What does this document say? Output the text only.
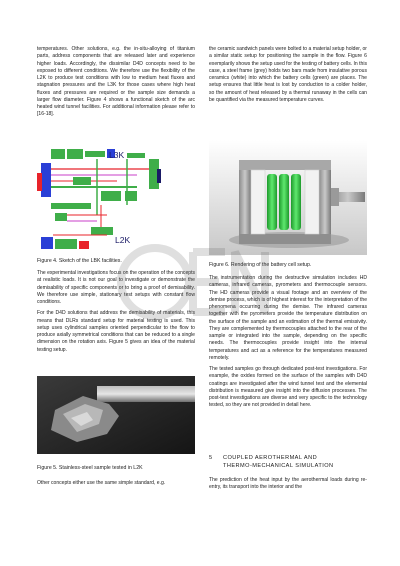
temperatures. Other solutions, e.g. the in-situ-alloying of titanium parts, address components that are released later and experience higher loads. Accordingly, the dissimilar D4D concepts need to be exposed to different conditions. We therefore use the flexibility of the L2K to produce test conditions with low to medium heat fluxes and stagnation pressures and the L3K for those cases where high heat fluxes and pressures are required or the sample size demands a larger flow diameter. Figure 4 shows a functional sketch of the arc heated wind tunnel facilities. For additional information please refer to [16-18].

L3K
L2K
Figure 4. Sketch of the LBK facilities.

The experimental investigations focus on the operation of the concepts at realistic loads. It is not our goal to investigate or demonstrate the demisability of specific components or to bring a proof of demisability. We therefore use simple, stationary test setups with constant flow conditions.

For the D4D solutions that address the demisability of materials, this means that DLRs standard setup for material testing is used. This setup uses cylindrical samples oriented perpendicular to the flow to produce axially symmetrical conditions that can be reduced to a single dimension on the rotation axis. Figure 5 gives an idea of the material testing setup.

Figure 5. Stainless-steel sample tested in L2K

Other concepts either use the same simple standard, e.g.

the ceramic sandwich panels were bolted to a material setup holder, or a similar static setup for positioning the sample in the flow. Figure 6 exemplarily shows the setup used for the testing of battery cells. In this case, a steel frame (grey) holds two bars made from insulative porous ceramics (white) into which the battery cells (green) are places. The setup ensures that little heat is lost by conduction to a colder holder, so the amount of heat released by a thermal runaway in the cells can be quantified via the measured temperature curves.

Figure 6. Rendering of the battery cell setup.

The instrumentation during the destructive simulation includes HD cameras, infrared cameras, pyrometers and thermocouple sensors. The HD cameras provide a visual footage and an overview of the demise process, which is of highest interest for the interpretation of the phenomena occurring during the demise. The infrared cameras together with the pyrometers provide the temperature distribution on the surface of the sample and an estimation of the thermal emissivity. They are complemented by thermocouples attached to the rear of the sample or integrated into the sample, depending on the specific needs. The thermocouples provide insight into the internal temperatures and act as a reference for the temperatures measured remotely.

The tested samples go through dedicated post-test investigations. For example, the oxides formed on the surface of the samples with D4D coatings are investigated after the wind tunnel test and the elemental distribution is measured give insight into the diffusion processes. The post-test investigations are diverse and very specific to the technology tested, so they are not provided in detail here.

5 COUPLED AEROTHERMAL AND
THERMO-MECHANICAL SIMULATION

The prediction of the heat input by the aerothermal loads during re-entry, its transport into the interior and the
